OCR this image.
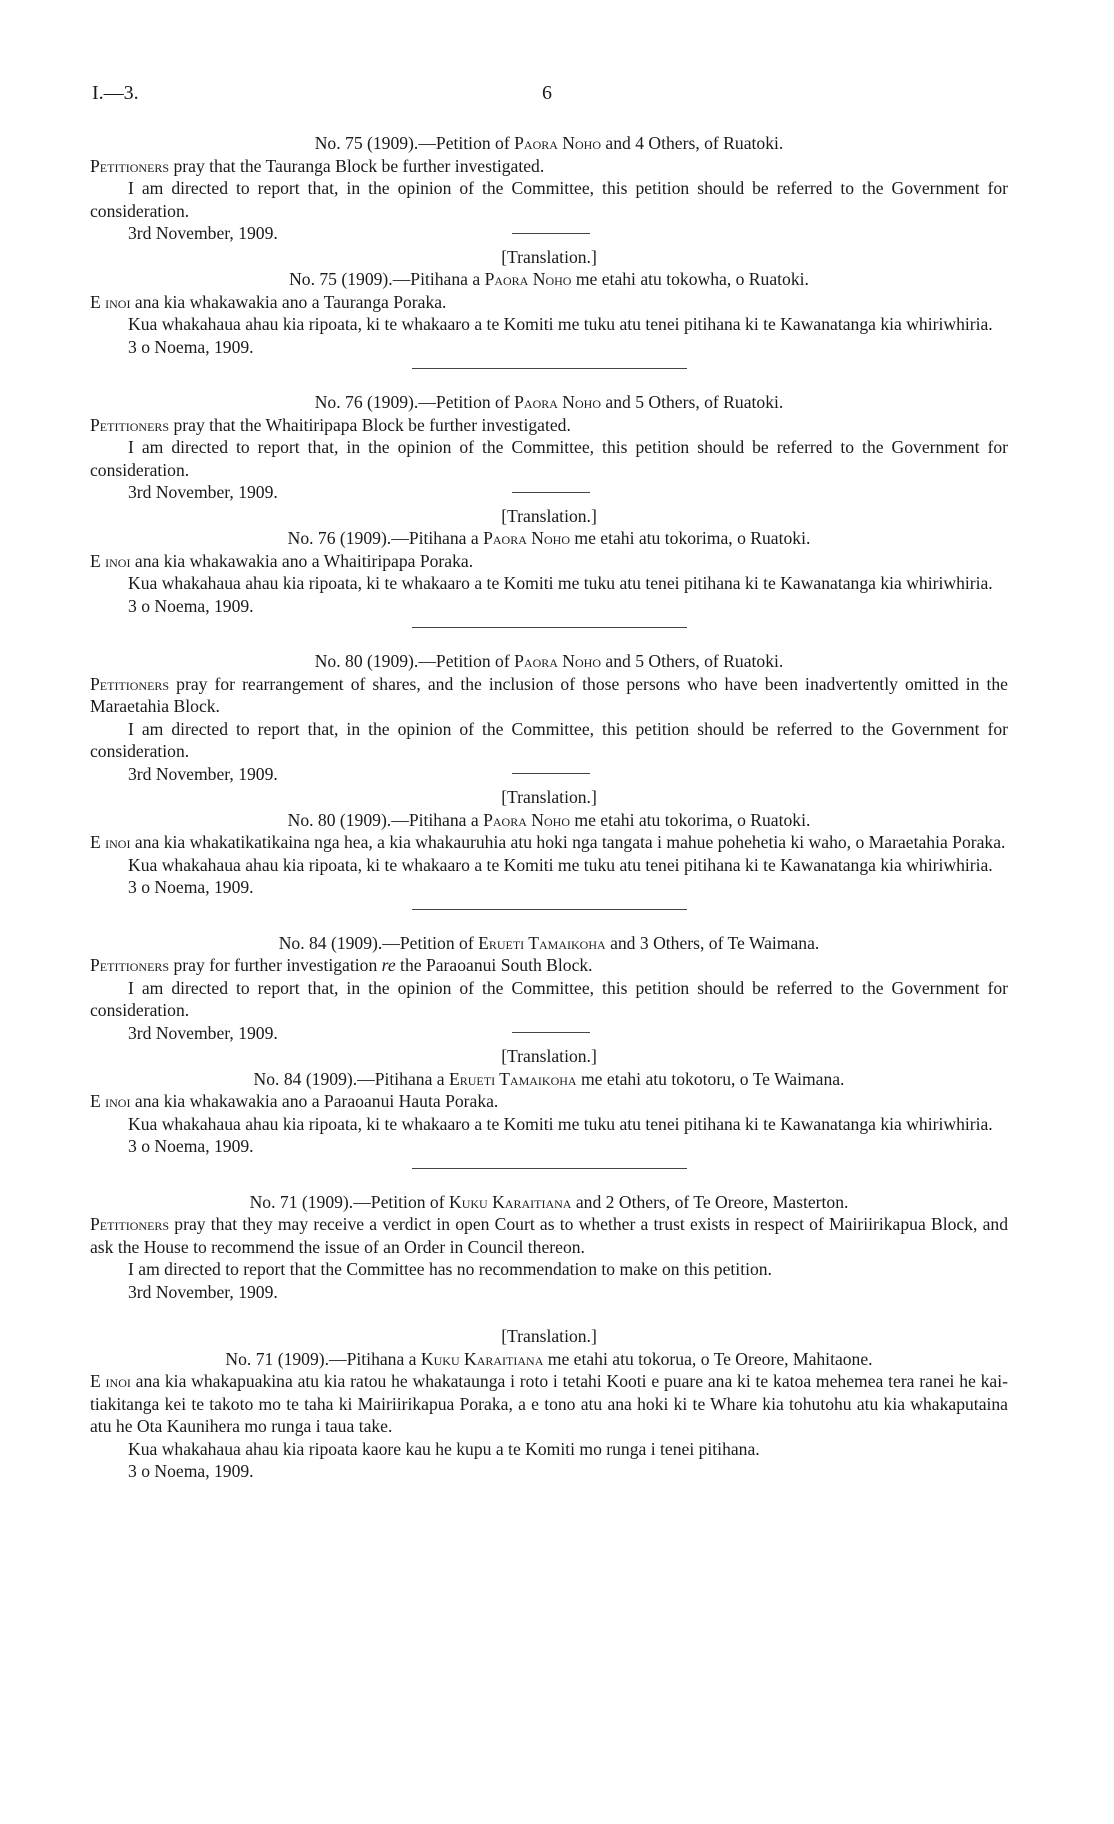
I.—3.	6

No. 75 (1909).—Petition of Paora Noho and 4 Others, of Ruatoki.

Petitioners pray that the Tauranga Block be further investigated.

I am directed to report that, in the opinion of the Committee, this petition should be referred to the Government for consideration.

3rd November, 1909.

[Translation.]

No. 75 (1909).—Pitihana a Paora Noho me etahi atu tokowha, o Ruatoki.

E inoi ana kia whakawakia ano a Tauranga Poraka.

Kua whakahaua ahau kia ripoata, ki te whakaaro a te Komiti me tuku atu tenei pitihana ki te Kawanatanga kia whiriwhiria.

3 o Noema, 1909.

No. 76 (1909).—Petition of Paora Noho and 5 Others, of Ruatoki.

Petitioners pray that the Whaitiripapa Block be further investigated.

I am directed to report that, in the opinion of the Committee, this petition should be referred to the Government for consideration.

3rd November, 1909.

[Translation.]

No. 76 (1909).—Pitihana a Paora Noho me etahi atu tokorima, o Ruatoki.

E inoi ana kia whakawakia ano a Whaitiripapa Poraka.

Kua whakahaua ahau kia ripoata, ki te whakaaro a te Komiti me tuku atu tenei pitihana ki te Kawanatanga kia whiriwhiria.

3 o Noema, 1909.

No. 80 (1909).—Petition of Paora Noho and 5 Others, of Ruatoki.

Petitioners pray for rearrangement of shares, and the inclusion of those persons who have been inadvertently omitted in the Maraetahia Block.

I am directed to report that, in the opinion of the Committee, this petition should be referred to the Government for consideration.

3rd November, 1909.

[Translation.]

No. 80 (1909).—Pitihana a Paora Noho me etahi atu tokorima, o Ruatoki.

E inoi ana kia whakatikatikaina nga hea, a kia whakauruhia atu hoki nga tangata i mahue pohehetia ki waho, o Maraetahia Poraka.

Kua whakahaua ahau kia ripoata, ki te whakaaro a te Komiti me tuku atu tenei pitihana ki te Kawanatanga kia whiriwhiria.

3 o Noema, 1909.

No. 84 (1909).—Petition of Erueti Tamaikoha and 3 Others, of Te Waimana.

Petitioners pray for further investigation re the Paraoanui South Block.

I am directed to report that, in the opinion of the Committee, this petition should be referred to the Government for consideration.

3rd November, 1909.

[Translation.]

No. 84 (1909).—Pitihana a Erueti Tamaikoha me etahi atu tokotoru, o Te Waimana.

E inoi ana kia whakawakia ano a Paraoanui Hauta Poraka.

Kua whakahaua ahau kia ripoata, ki te whakaaro a te Komiti me tuku atu tenei pitihana ki te Kawanatanga kia whiriwhiria.

3 o Noema, 1909.

No. 71 (1909).—Petition of Kuku Karaitiana and 2 Others, of Te Oreore, Masterton.

Petitioners pray that they may receive a verdict in open Court as to whether a trust exists in respect of Mairiirikapua Block, and ask the House to recommend the issue of an Order in Council thereon.

I am directed to report that the Committee has no recommendation to make on this petition.

3rd November, 1909.

[Translation.]

No. 71 (1909).—Pitihana a Kuku Karaitiana me etahi atu tokorua, o Te Oreore, Mahitaone.

E inoi ana kia whakapuakina atu kia ratou he whakataunga i roto i tetahi Kooti e puare ana ki te katoa mehemea tera ranei he kai-tiakitanga kei te takoto mo te taha ki Mairiirikapua Poraka, a e tono atu ana hoki ki te Whare kia tohutohu atu kia whakaputaina atu he Ota Kaunihera mo runga i taua take.

Kua whakahaua ahau kia ripoata kaore kau he kupu a te Komiti mo runga i tenei pitihana.

3 o Noema, 1909.
